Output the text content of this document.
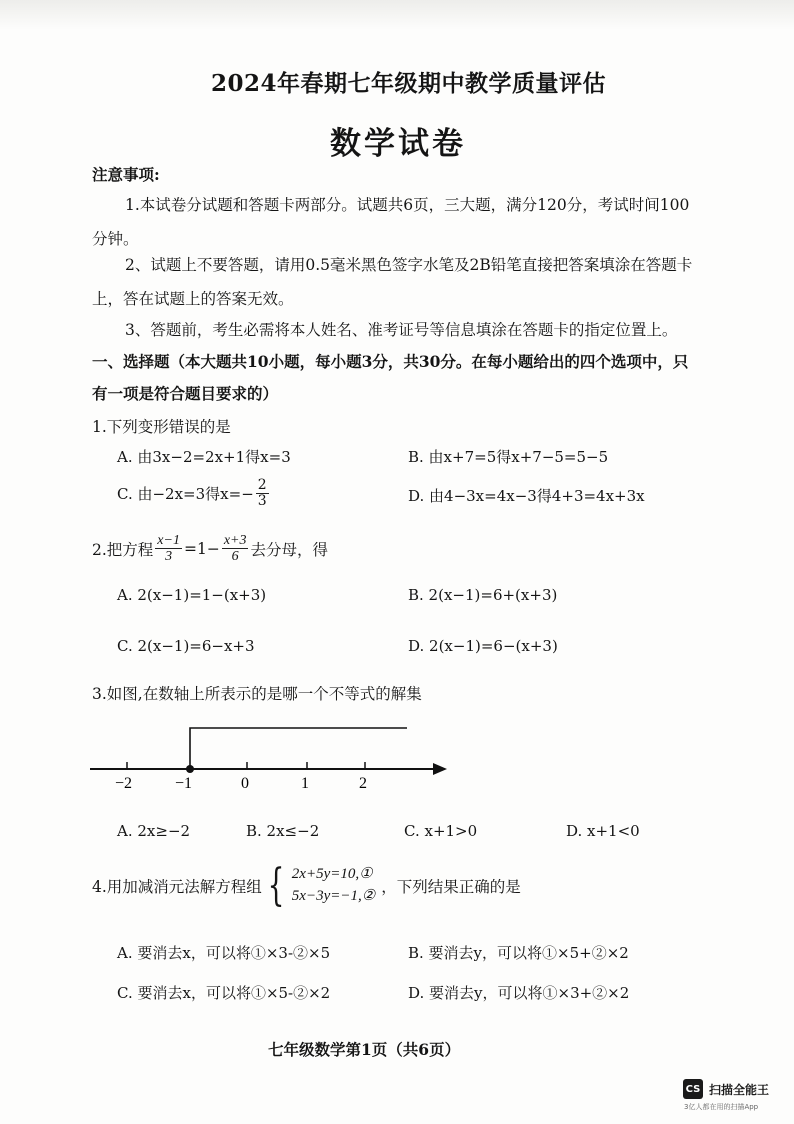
2024年春期七年级期中教学质量评估
数学试卷
注意事项:
1.本试卷分试题和答题卡两部分。试题共6页，三大题，满分120分，考试时间100
分钟。
2、试题上不要答题，请用0.5毫米黑色签字水笔及2B铅笔直接把答案填涂在答题卡
上，答在试题上的答案无效。
3、答题前，考生必需将本人姓名、准考证号等信息填涂在答题卡的指定位置上。
一、选择题（本大题共10小题，每小题3分，共30分。在每小题给出的四个选项中，只
有一项是符合题目要求的）
1.下列变形错误的是
A. 由3x−2=2x+1得x=3	B. 由x+7=5得x+7−5=5−5
C. 由−2x=3得$x=- \frac{2}{3}$	D. 由4−3x=4x−3得4+3=4x+3x
2.把方程 $\frac{x-1}{3} =1- \frac{x+3}{6}$ 去分母，得
A. 2(x−1)=1−(x+3)	B. 2(x−1)=6+(x+3)
C. 2(x−1)=6−x+3	D. 2(x−1)=6−(x+3)
3.如图,在数轴上所表示的是哪一个不等式的解集
−2	−1	0	1	2
A. 2x≥−2	B. 2x≤−2	C. x+1>0	D. x+1<0
4.用加减消元法解方程组 { 2x+5y=10,①
5x−3y=−1,② ，下列结果正确的是
A. 要消去x，可以将①×3-②×5	B. 要消去y，可以将①×5+②×2
C. 要消去x，可以将①×5-②×2	D. 要消去y，可以将①×3+②×2
七年级数学第1页（共6页）
CS 扫描全能王
3亿人都在用的扫描App
